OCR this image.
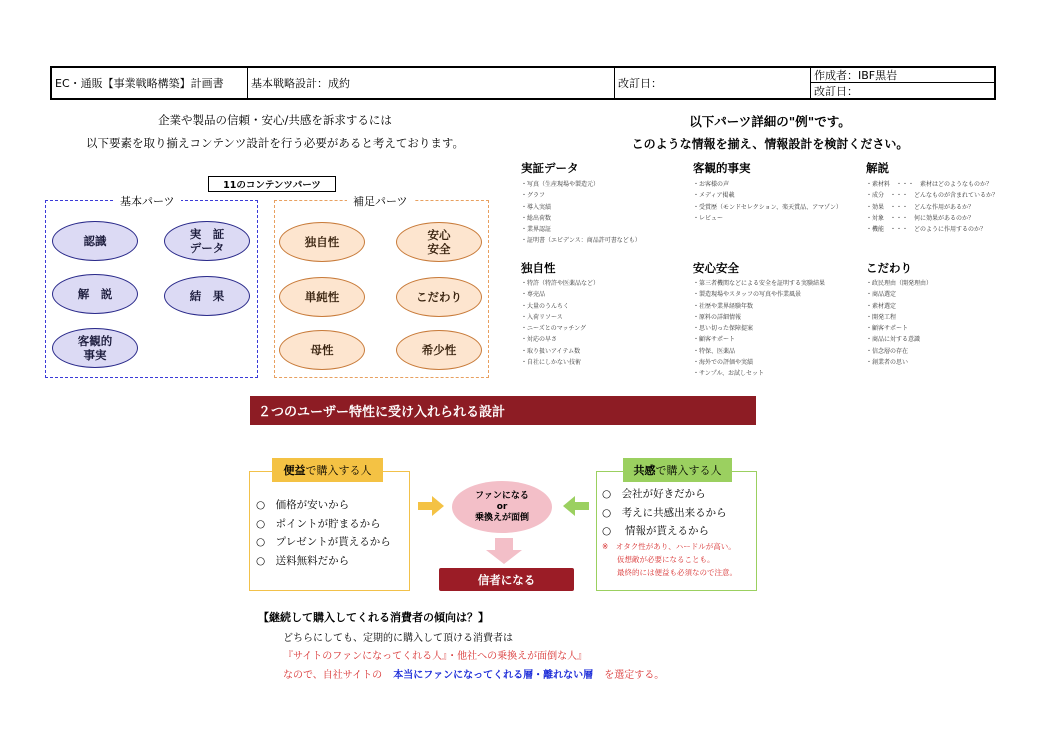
EC・通販【事業戦略構築】計画書	基本戦略設計：成約	改訂日：
作成者：IBF黒岩
改訂日：
企業や製品の信頼・安心/共感を訴求するには
以下要素を取り揃えコンテンツ設計を行う必要があると考えております。
以下パーツ詳細の"例"です。
このような情報を揃え、情報設計を検討ください。
11のコンテンツパーツ
基本パーツ
認識	実　証
データ
解　説	結　果
客観的
事実
補足パーツ
独自性	安心
安全
単純性	こだわり
母性	希少性
実証データ
・写真（生産現場や製造元）
・グラフ
・導入実績
・総出荷数
・業界認証
・証明書（エビデンス：商品許可書なども）
客観的事実
・お客様の声
・メディア掲載
・受賞歴（モンドセレクション、楽天賞品、アマゾン）
・レビュー
解説
・素材料　・・・　素材はどのようなものか？
・成分　・・・　どんなものが含まれているか？
・効果　・・・　どんな作用があるか？
・対象　・・・　何に効果があるのか？
・機能　・・・　どのように作用するのか？
独自性
・特許（特許や医薬品など）
・専売品
・大量のうんちく
・入荷リソース
・ニーズとのマッチング
・対応の早さ
・取り扱いアイテム数
・自社にしかない技術
安心安全
・第三者機関などによる安全を証明する実験結果
・製造現場やスタッフの写真や作業風景
・社歴や業界経験年数
・原料の詳細情報
・思い切った保障提案
・顧客サポート
・特保、医薬品
・海外での評価や実績
・サンプル、お試しセット
こだわり
・政民理由（開発理由）
・商品選定
・素材選定
・開発工程
・顧客サポート
・商品に対する意識
・信念層の存在
・創業者の思い
２つのユーザー特性に受け入れられる設計
便益 で購入する人
○　価格が安いから
○　ポイントが貯まるから
○　プレゼントが貰えるから
○　送料無料だから
共感 で購入する人
○　会社が好きだから
○　考えに共感出来るから
○　 情報が貰えるから
※　オタク性があり、ハードルが高い。
　　仮想敵が必要になることも。
　　最終的には便益も必須なので注意。
ファンになる
or
乗換えが面倒
信者になる
【継続して購入してくれる消費者の傾向は？】
どちらにしても、定期的に購入して頂ける消費者は
『サイトのファンになってくれる人』・他社への乗換えが面倒な人』
なので、自社サイトの 本当にファンになってくれる層・離れない層 を選定する。
